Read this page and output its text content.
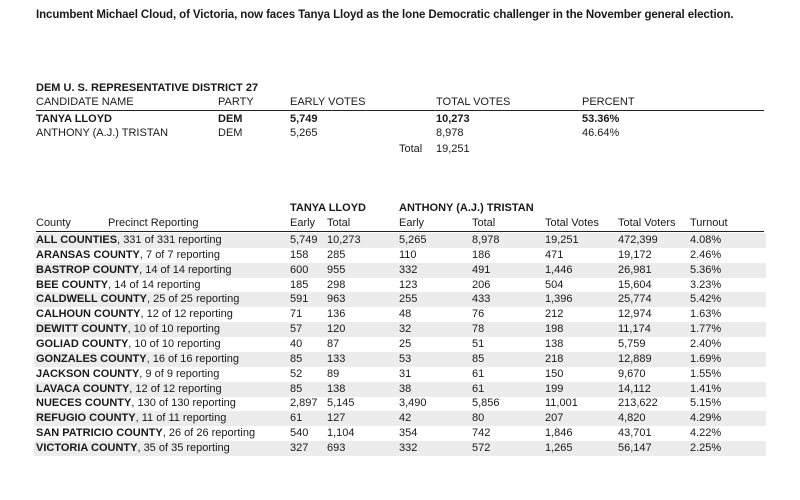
Incumbent Michael Cloud, of Victoria, now faces Tanya Lloyd as the lone Democratic challenger in the November general election.
DEM U. S. REPRESENTATIVE DISTRICT 27
CANDIDATE NAME	PARTY	EARLY VOTES	TOTAL VOTES	PERCENT
TANYA LLOYD	DEM	5,749	10,273	53.36%
ANTHONY (A.J.) TRISTAN	DEM	5,265	8,978	46.64%
Total 19,251
TANYA LLOYD	ANTHONY (A.J.) TRISTAN
County	Precinct Reporting	Early Total	Early	Total	Total Votes Total Voters Turnout
ALL COUNTIES, 331 of 331 reporting	5,749 10,273	5,265	8,978	19,251	472,399	4.08%
ARANSAS COUNTY, 7 of 7 reporting	158 285	110	186	471	19,172	2.46%
BASTROP COUNTY, 14 of 14 reporting	600 955	332	491	1,446	26,981	5.36%
BEE COUNTY, 14 of 14 reporting	185 298	123	206	504	15,604	3.23%
CALDWELL COUNTY, 25 of 25 reporting	591 963	255	433	1,396	25,774	5.42%
CALHOUN COUNTY, 12 of 12 reporting	71 136	48	76	212	12,974	1.63%
DEWITT COUNTY, 10 of 10 reporting	57 120	32	78	198	11,174	1.77%
GOLIAD COUNTY, 10 of 10 reporting	40 87	25	51	138	5,759	2.40%
GONZALES COUNTY, 16 of 16 reporting	85 133	53	85	218	12,889	1.69%
JACKSON COUNTY, 9 of 9 reporting	52 89	31	61	150	9,670	1.55%
LAVACA COUNTY, 12 of 12 reporting	85 138	38	61	199	14,112	1.41%
NUECES COUNTY, 130 of 130 reporting	2,897 5,145	3,490	5,856	11,001	213,622	5.15%
REFUGIO COUNTY, 11 of 11 reporting	61 127	42	80	207	4,820	4.29%
SAN PATRICIO COUNTY, 26 of 26 reporting	540 1,104	354	742	1,846	43,701	4.22%
VICTORIA COUNTY, 35 of 35 reporting	327 693	332	572	1,265	56,147	2.25%
